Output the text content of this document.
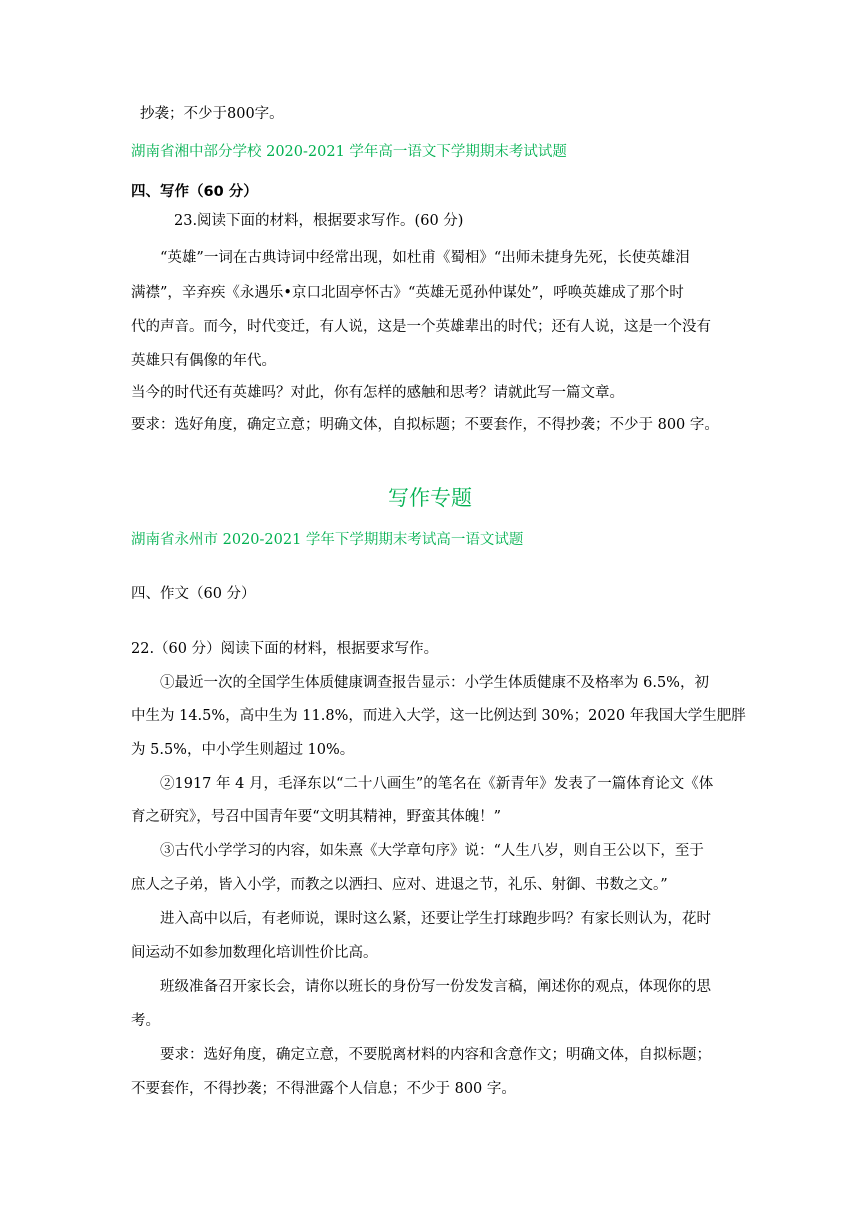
抄袭；不少于800字。
湖南省湘中部分学校 2020-2021 学年高一语文下学期期末考试试题
四、写作（60 分）
23.阅读下面的材料，根据要求写作。(60 分)
“英雄”一词在古典诗词中经常出现，如杜甫《蜀相》“出师未捷身先死，长使英雄泪
满襟”，辛弃疾《永遇乐•京口北固亭怀古》“英雄无觅孙仲谋处”，呼唤英雄成了那个时
代的声音。而今，时代变迁，有人说，这是一个英雄辈出的时代；还有人说，这是一个没有
英雄只有偶像的年代。
当今的时代还有英雄吗？对此，你有怎样的感触和思考？请就此写一篇文章。
要求：选好角度，确定立意；明确文体，自拟标题；不要套作，不得抄袭；不少于 800 字。
写作专题
湖南省永州市 2020-2021 学年下学期期末考试高一语文试题
四、作文（60 分）
22.（60 分）阅读下面的材料，根据要求写作。
①最近一次的全国学生体质健康调查报告显示：小学生体质健康不及格率为 6.5%，初
中生为 14.5%，高中生为 11.8%，而进入大学，这一比例达到 30%；2020 年我国大学生肥胖
为 5.5%，中小学生则超过 10%。
②1917 年 4 月，毛泽东以“二十八画生”的笔名在《新青年》发表了一篇体育论文《体
育之研究》，号召中国青年要“文明其精神，野蛮其体魄！”
③古代小学学习的内容，如朱熹《大学章句序》说：“人生八岁，则自王公以下，至于
庶人之子弟，皆入小学，而教之以洒扫、应对、进退之节，礼乐、射御、书数之文。”
进入高中以后，有老师说，课时这么紧，还要让学生打球跑步吗？有家长则认为，花时
间运动不如参加数理化培训性价比高。
班级准备召开家长会，请你以班长的身份写一份发发言稿，阐述你的观点，体现你的思
考。
要求：选好角度，确定立意，不要脱离材料的内容和含意作文；明确文体，自拟标题；
不要套作，不得抄袭；不得泄露个人信息；不少于 800 字。
